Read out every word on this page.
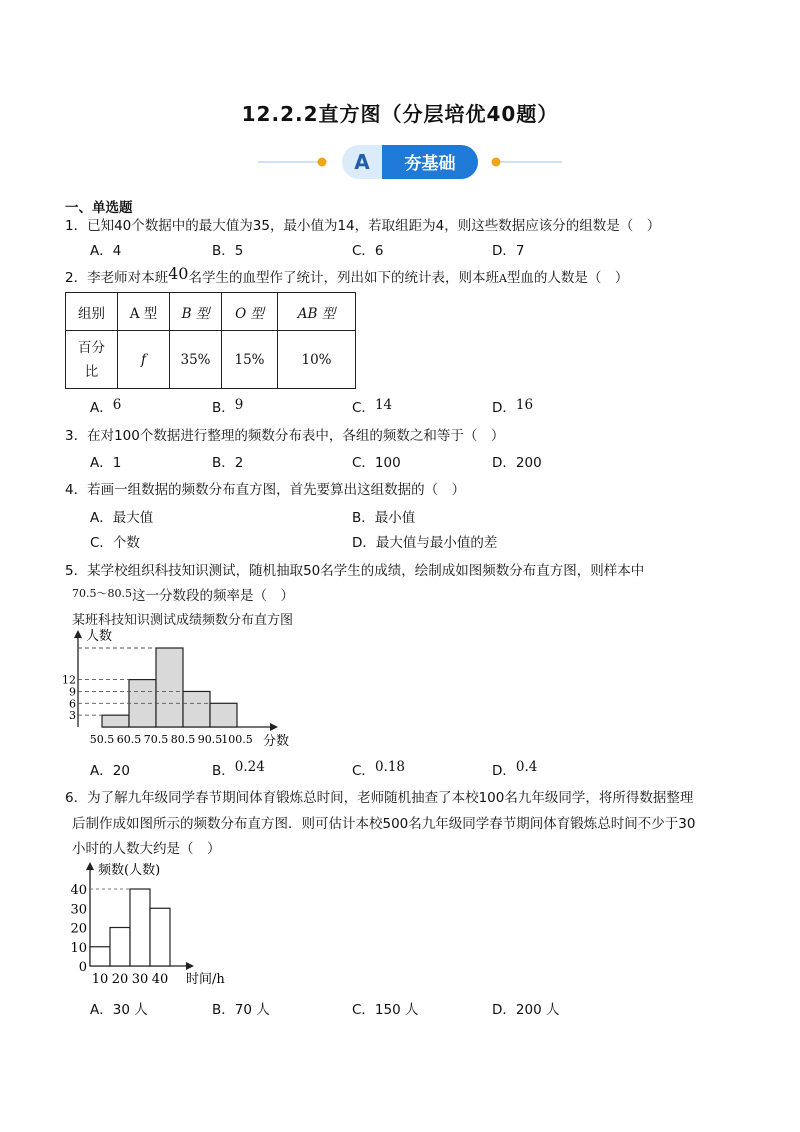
12.2.2直方图（分层培优40题）
A 夯基础
一、单选题
1．已知40个数据中的最大值为35，最小值为14，若取组距为4，则这些数据应该分的组数是（　）
A．4	B．5	C．6	D．7
2．李老师对本班40名学生的血型作了统计，列出如下的统计表，则本班A型血的人数是（　）
组别	A 型	B 型	O 型	AB 型
百分比	f	35%	15%	10%
A．6	B．9	C．14	D．16
3．在对100个数据进行整理的频数分布表中，各组的频数之和等于（　）
A．1	B．2	C．100	D．200
4．若画一组数据的频数分布直方图，首先要算出这组数据的（　）
A．最大值	B．最小值
C．个数	D．最大值与最小值的差
5．某学校组织科技知识测试，随机抽取50名学生的成绩，绘制成如图频数分布直方图，则样本中
$^{70.5\sim 80.5}$这一分数段的频率是（　）
某班科技知识测试成绩频数分布直方图
人数
分数
3
6
9
12
50.5 60.5 70.5 80.5 90.5 100.5
A．20	B．0.24	C．0.18	D．0.4
6．为了解九年级同学春节期间体育锻炼总时间，老师随机抽查了本校100名九年级同学，将所得数据整理
后制作成如图所示的频数分布直方图．则可估计本校500名九年级同学春节期间体育锻炼总时间不少于30
小时的人数大约是（　）
频数(人数)
时间/h
0
10
20
30
40
10 20 30 40
A．30 人	B．70 人	C．150 人	D．200 人
